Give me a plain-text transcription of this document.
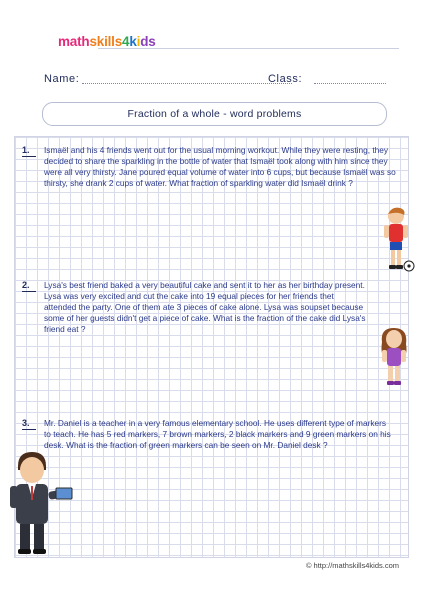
mathskills4kids
Name:	Class:
Fraction of a whole - word problems
1. Ismaël and his 4 friends went out for the usual morning workout. While they were resting, they decided to share the sparkling in the bottle of water that Ismaël took along with him since they were all very thirsty. Jane poured equal volume of water into 6 cups, but because Ismaël was so thirsty, she drank 2 cups of water. What fraction of sparkling water did Ismaël drink ?
2. Lysa's best friend baked a very beautiful cake and sent it to her as her birthday present. Lysa was very excited and cut the cake into 19 equal pieces for her friends thet attended the party. One of them ate 3 pieces of cake alone. Lysa was soupset because some of her guests didn't get a piece of cake. What is the fraction of the cake did Lysa's friend eat ?
3. Mr. Daniel is a teacher in a very famous elementary school. He uses different type of markers to teach. He has 5 red markers, 7 brown markers, 2 black markers and 9 green markers on his desk. What is the fraction of green markers can be seen on Mr. Daniel desk ?
© http://mathskills4kids.com
